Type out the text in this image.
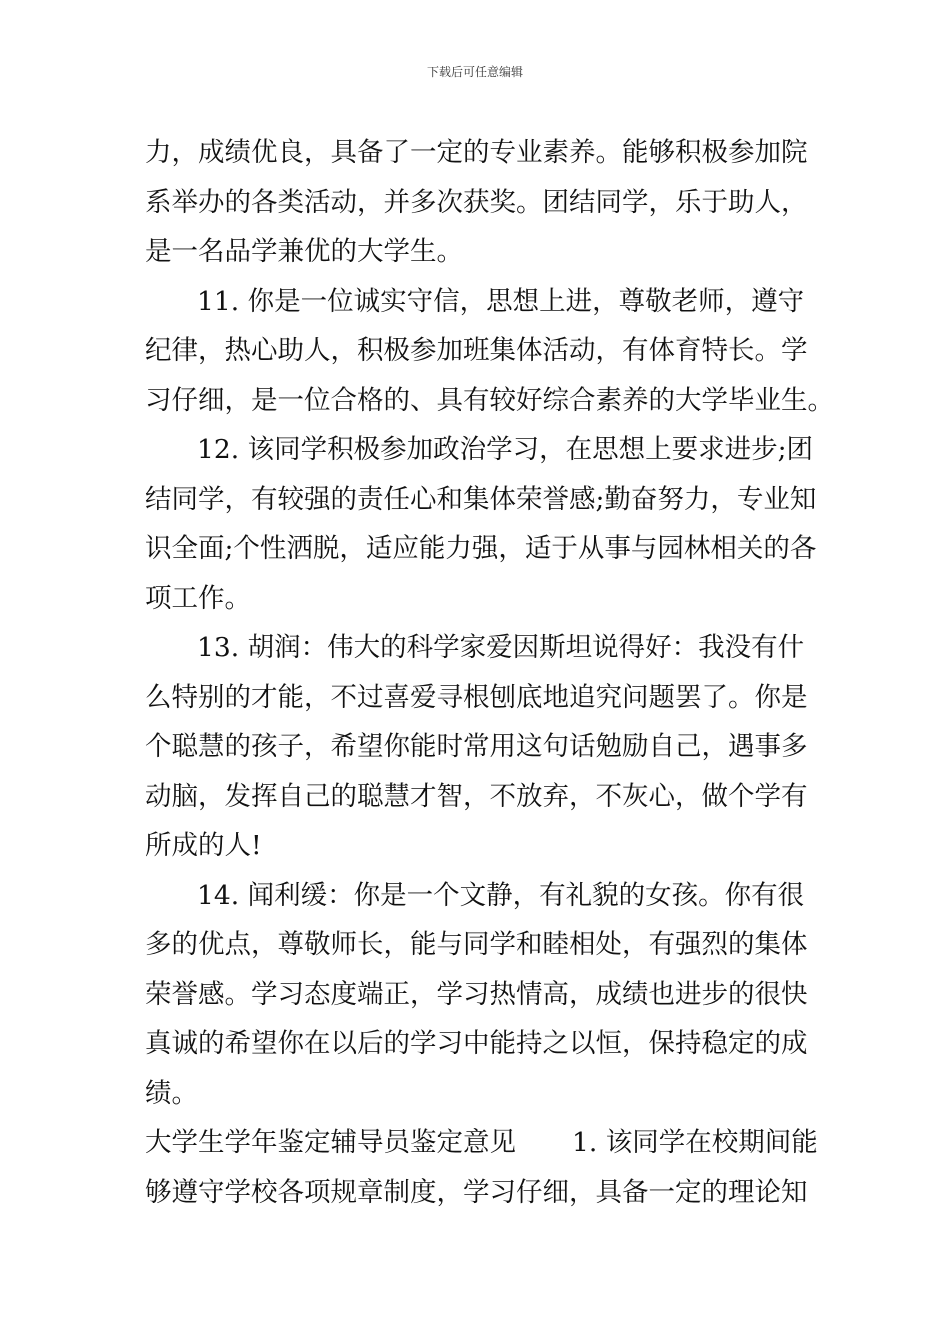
下载后可任意编辑
力，成绩优良，具备了一定的专业素养。能够积极参加院
系举办的各类活动，并多次获奖。团结同学，乐于助人，
是一名品学兼优的大学生。
11. 你是一位诚实守信，思想上进，尊敬老师，遵守
纪律，热心助人，积极参加班集体活动，有体育特长。学
习仔细，是一位合格的、具有较好综合素养的大学毕业生。
12. 该同学积极参加政治学习，在思想上要求进步;团
结同学，有较强的责任心和集体荣誉感;勤奋努力，专业知
识全面;个性洒脱，适应能力强，适于从事与园林相关的各
项工作。
13. 胡润：伟大的科学家爱因斯坦说得好：我没有什
么特别的才能，不过喜爱寻根刨底地追究问题罢了。你是
个聪慧的孩子，希望你能时常用这句话勉励自己，遇事多
动脑，发挥自己的聪慧才智，不放弃，不灰心，做个学有
所成的人!
14. 闻利缓：你是一个文静，有礼貌的女孩。你有很
多的优点，尊敬师长，能与同学和睦相处，有强烈的集体
荣誉感。学习态度端正，学习热情高，成绩也进步的很快
真诚的希望你在以后的学习中能持之以恒，保持稳定的成
绩。
大学生学年鉴定辅导员鉴定意见 1. 该同学在校期间能
够遵守学校各项规章制度，学习仔细，具备一定的理论知
